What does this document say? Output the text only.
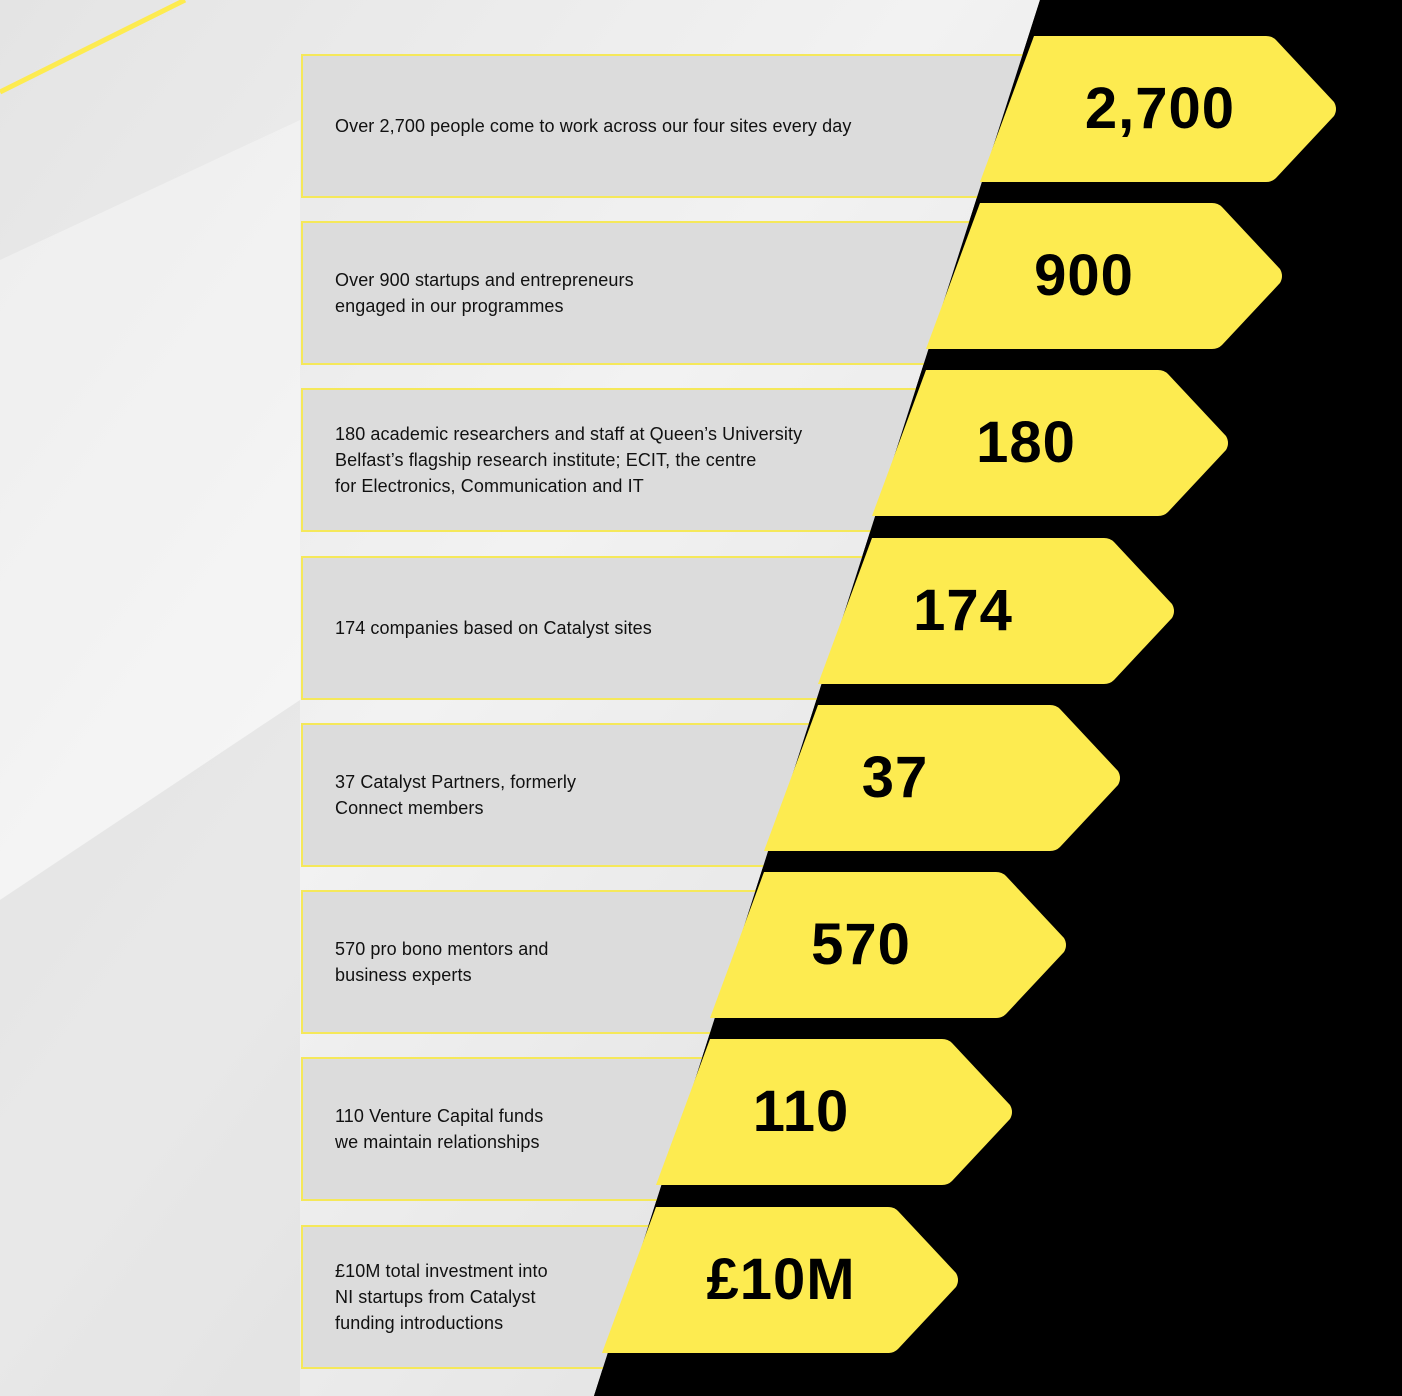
Over 2,700 people come to work across our four sites every day
Over 900 startups and entrepreneurs
engaged in our programmes
180 academic researchers and staff at Queen’s University
Belfast’s flagship research institute; ECIT, the centre
for Electronics, Communication and IT
174 companies based on Catalyst sites
37 Catalyst Partners, formerly
Connect members
570 pro bono mentors and
business experts
110 Venture Capital funds
we maintain relationships
£10M total investment into
NI startups from Catalyst
funding introductions
2,700
900
180
174
37
570
110
£10M
